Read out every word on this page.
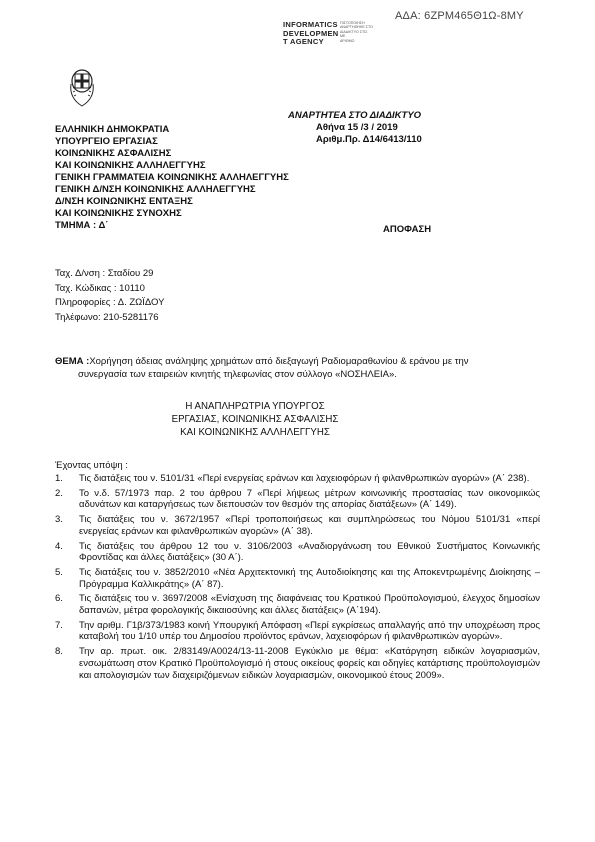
ΑΔΑ: 6ΖΡΜ465Θ1Ω-8ΜΥ
INFORMATICS
DEVELOPMEN
T AGENCY
ΠΙΣΤΟΠΟΙΗΣΗ
ΑΝΑΡΤΗΘΗΚΕ ΣΤΟ
ΔΙΑΔΙΚΤΥΟ ΣΤΙΣ
ΜΕ
ΑΡΙΘΜΟ
ΑΝΑΡΤΗΤΕΑ ΣΤΟ ΔΙΑΔΙΚΤΥΟ
Αθήνα 15 /3 / 2019
Αριθμ.Πρ. Δ14/6413/110
ΕΛΛΗΝΙΚΗ ΔΗΜΟΚΡΑΤΙΑ
ΥΠΟΥΡΓΕΙΟ ΕΡΓΑΣΙΑΣ
ΚΟΙΝΩΝΙΚΗΣ ΑΣΦΑΛΙΣΗΣ
ΚΑΙ ΚΟΙΝΩΝΙΚΗΣ ΑΛΛΗΛΕΓΓΥΗΣ
ΓΕΝΙΚΗ ΓΡΑΜΜΑΤΕΙΑ ΚΟΙΝΩΝΙΚΗΣ ΑΛΛΗΛΕΓΓΥΗΣ
ΓΕΝΙΚΗ Δ/ΝΣΗ ΚΟΙΝΩΝΙΚΗΣ ΑΛΛΗΛΕΓΓΥΗΣ
Δ/ΝΣΗ ΚΟΙΝΩΝΙΚΗΣ ΕΝΤΑΞΗΣ
ΚΑΙ ΚΟΙΝΩΝΙΚΗΣ ΣΥΝΟΧΗΣ
ΤΜΗΜΑ : Δ΄	ΑΠΟΦΑΣΗ
Ταχ. Δ/νση : Σταδίου 29
Ταχ. Κώδικας : 10110
Πληροφορίες : Δ. ΖΩΪΔΟΥ
Τηλέφωνο: 210-5281176
ΘΕΜΑ :Χορήγηση άδειας ανάληψης χρημάτων από διεξαγωγή Ραδιομαραθωνίου & εράνου με την
συνεργασία των εταιρειών κινητής τηλεφωνίας στον σύλλογο «ΝΟΣΗΛΕΙΑ».
Η ΑΝΑΠΛΗΡΩΤΡΙΑ ΥΠΟΥΡΓΟΣ
ΕΡΓΑΣΙΑΣ, ΚΟΙΝΩΝΙΚΗΣ ΑΣΦΑΛΙΣΗΣ
ΚΑΙ ΚΟΙΝΩΝΙΚΗΣ ΑΛΛΗΛΕΓΓΥΗΣ
Έχοντας υπόψη :
1. Τις διατάξεις του ν. 5101/31 «Περί ενεργείας εράνων και λαχειοφόρων ή φιλανθρωπικών αγορών» (Α΄ 238).
2. Το ν.δ. 57/1973 παρ. 2 του άρθρου 7 «Περί λήψεως μέτρων κοινωνικής προστασίας των οικονομικώς αδυνάτων και καταργήσεως των διεπουσών τον θεσμόν της απορίας διατάξεων» (Α΄ 149).
3. Τις διατάξεις του ν. 3672/1957 «Περί τροποποιήσεως και συμπληρώσεως του Νόμου 5101/31 «περί ενεργείας εράνων και φιλανθρωπικών αγορών» (Α΄ 38).
4. Τις διατάξεις του άρθρου 12 του ν. 3106/2003 «Αναδιοργάνωση του Εθνικού Συστήματος Κοινωνικής Φροντίδας και άλλες διατάξεις» (30 Α΄).
5. Τις διατάξεις του ν. 3852/2010 «Νέα Αρχιτεκτονική της Αυτοδιοίκησης και της Αποκεντρωμένης Διοίκησης – Πρόγραμμα Καλλικράτης» (Α΄ 87).
6. Τις διατάξεις του ν. 3697/2008 «Ενίσχυση της διαφάνειας του Κρατικού Προϋπολογισμού, έλεγχος δημοσίων δαπανών, μέτρα φορολογικής δικαιοσύνης και άλλες διατάξεις» (Α΄194).
7. Την αριθμ. Γ1β/373/1983 κοινή Υπουργική Απόφαση «Περί εγκρίσεως απαλλαγής από την υποχρέωση προς καταβολή του 1/10 υπέρ του Δημοσίου προϊόντος εράνων, λαχειοφόρων ή φιλανθρωπικών αγορών».
8. Την αρ. πρωτ. οικ. 2/83149/Α0024/13-11-2008 Εγκύκλιο με θέμα: «Κατάργηση ειδικών λογαριασμών, ενσωμάτωση στον Κρατικό Προϋπολογισμό ή στους οικείους φορείς και οδηγίες κατάρτισης προϋπολογισμών και απολογισμών των διαχειριζόμενων ειδικών λογαριασμών, οικονομικού έτους 2009».
